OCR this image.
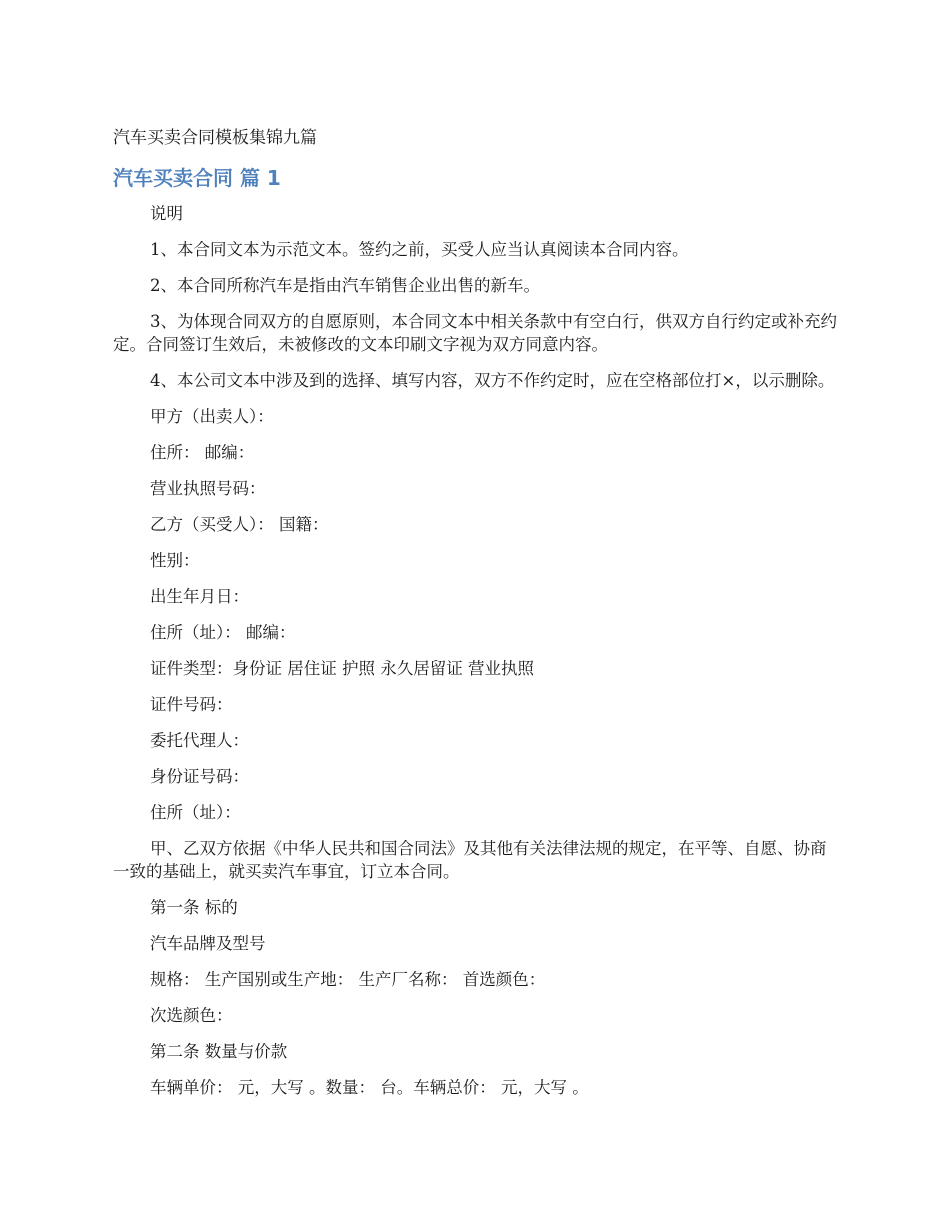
汽车买卖合同模板集锦九篇
汽车买卖合同 篇 1

说明

1、本合同文本为示范文本。签约之前，买受人应当认真阅读本合同内容。

2、本合同所称汽车是指由汽车销售企业出售的新车。

3、为体现合同双方的自愿原则，本合同文本中相关条款中有空白行，供双方自行约定或补充约定。合同签订生效后，未被修改的文本印刷文字视为双方同意内容。

4、本公司文本中涉及到的选择、填写内容，双方不作约定时，应在空格部位打×，以示删除。

甲方（出卖人）：

住所： 邮编：

营业执照号码：

乙方（买受人）： 国籍：

性别：

出生年月日：

住所（址）： 邮编：

证件类型：身份证 居住证 护照 永久居留证 营业执照

证件号码：

委托代理人：

身份证号码：

住所（址）：

甲、乙双方依据《中华人民共和国合同法》及其他有关法律法规的规定，在平等、自愿、协商一致的基础上，就买卖汽车事宜，订立本合同。

第一条 标的

汽车品牌及型号

规格： 生产国别或生产地： 生产厂名称： 首选颜色：

次选颜色：

第二条 数量与价款

车辆单价： 元，大写 。数量： 台。车辆总价： 元，大写 。
